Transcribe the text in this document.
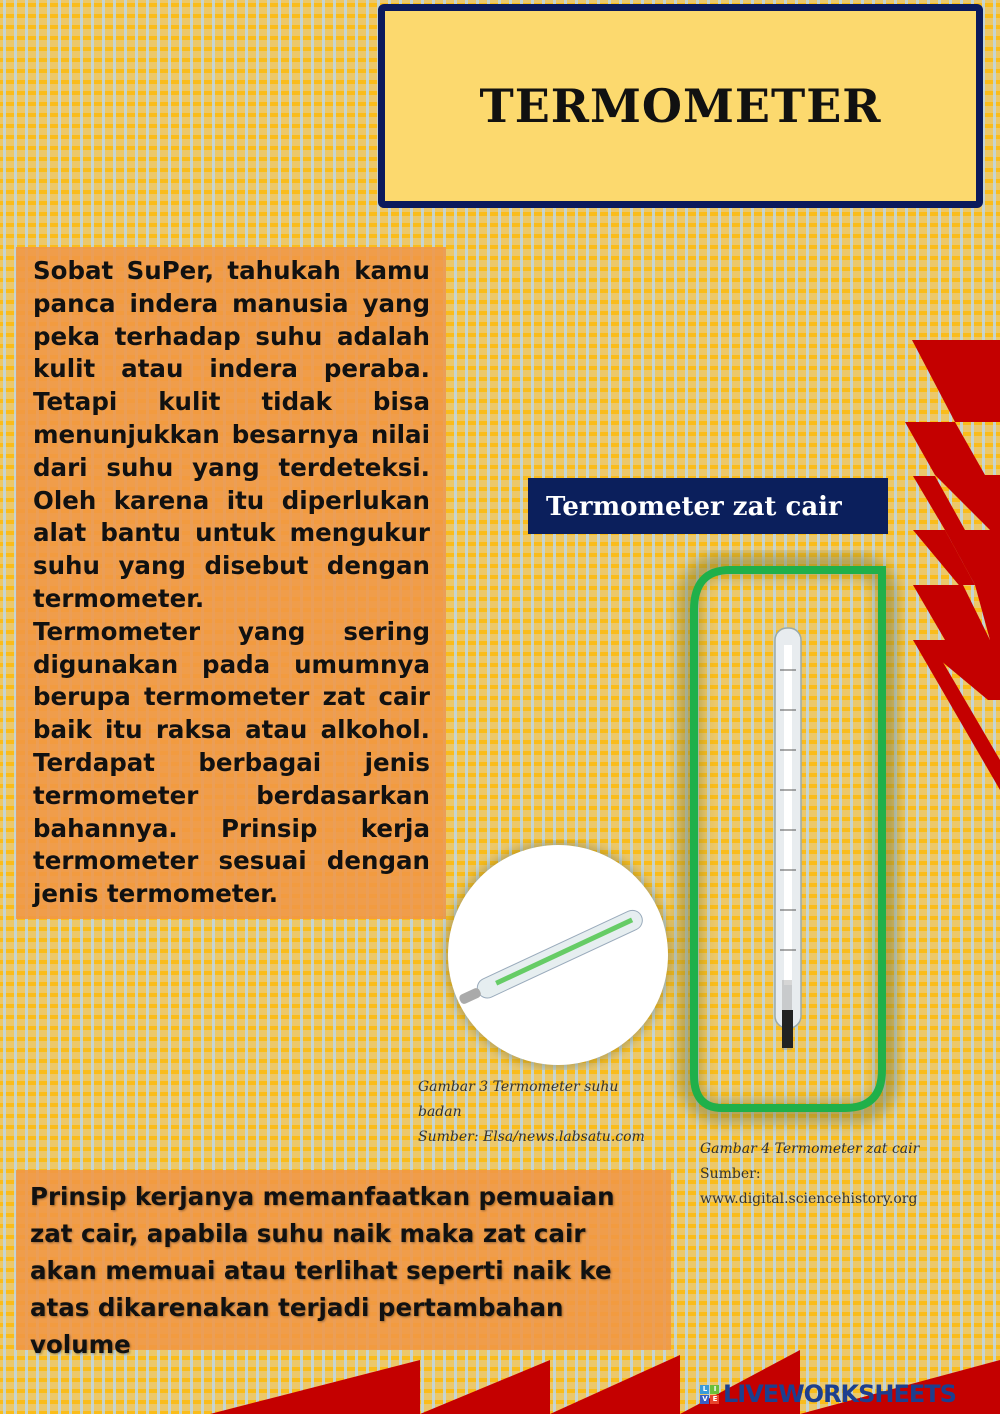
TERMOMETER

Sobat SuPer, tahukah kamu panca indera manusia yang peka terhadap suhu adalah kulit atau indera peraba. Tetapi kulit tidak bisa menunjukkan besarnya nilai dari suhu yang terdeteksi. Oleh karena itu diperlukan alat bantu untuk mengukur suhu yang disebut dengan termometer.

Termometer yang sering digunakan pada umumnya berupa termometer zat cair baik itu raksa atau alkohol. Terdapat berbagai jenis termometer berdasarkan bahannya. Prinsip kerja termometer sesuai dengan jenis termometer.

Termometer zat cair
Gambar 3 Termometer suhu badan
Sumber: Elsa/news.labsatu.com
Gambar 4 Termometer zat cair
Sumber:
www.digital.sciencehistory.org
Prinsip kerjanya memanfaatkan pemuaian zat cair, apabila suhu naik maka zat cair akan memuai atau terlihat seperti naik ke atas dikarenakan terjadi pertambahan volume
L	I
V E LIVEWORKSHEETS
